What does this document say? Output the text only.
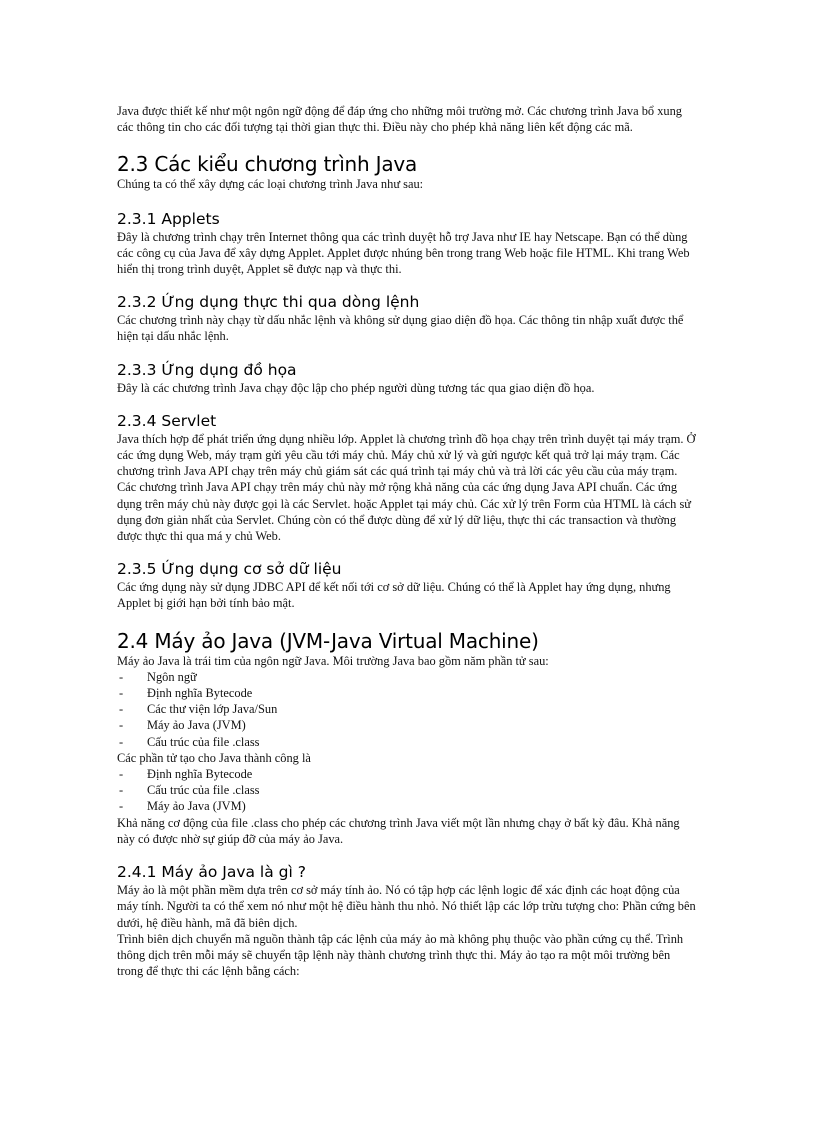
Java được thiết kế như một ngôn ngữ động để đáp ứng cho những môi trường mở. Các chương trình Java bổ xung các thông tin cho các đối tượng tại thời gian thực thi. Điều này cho phép khả năng liên kết động các mã.

2.3 Các kiểu chương trình Java

Chúng ta có thể xây dựng các loại chương trình Java như sau:

2.3.1 Applets

Đây là chương trình chạy trên Internet thông qua các trình duyệt hỗ trợ Java như IE hay Netscape. Bạn có thể dùng các công cụ của Java để xây dựng Applet. Applet được nhúng bên trong trang Web hoặc file HTML. Khi trang Web hiển thị trong trình duyệt, Applet sẽ được nạp và thực thi.

2.3.2 Ứng dụng thực thi qua dòng lệnh

Các chương trình này chạy từ dấu nhắc lệnh và không sử dụng giao diện đồ họa. Các thông tin nhập xuất được thể hiện tại dấu nhắc lệnh.

2.3.3 Ứng dụng đồ họa

Đây là các chương trình Java chạy độc lập cho phép người dùng tương tác qua giao diện đồ họa.

2.3.4 Servlet

Java thích hợp để phát triển ứng dụng nhiều lớp. Applet là chương trình đồ họa chạy trên trình duyệt tại máy trạm. Ở các ứng dụng Web, máy trạm gửi yêu cầu tới máy chủ. Máy chủ xử lý và gửi ngược kết quả trở lại máy trạm. Các chương trình Java API chạy trên máy chủ giám sát các quá trình tại máy chủ và trả lời các yêu cầu của máy trạm. Các chương trình Java API chạy trên máy chủ này mở rộng khả năng của các ứng dụng Java API chuẩn. Các ứng dụng trên máy chủ này được gọi là các Servlet. hoặc Applet tại máy chủ. Các xử lý trên Form của HTML là cách sử dụng đơn giản nhất của Servlet. Chúng còn có thể được dùng để xử lý dữ liệu, thực thi các transaction và thường được thực thi qua má y chủ Web.

2.3.5 Ứng dụng cơ sở dữ liệu

Các ứng dụng này sử dụng JDBC API để kết nối tới cơ sở dữ liệu. Chúng có thể là Applet hay ứng dụng, nhưng Applet bị giới hạn bởi tính bảo mật.

2.4 Máy ảo Java (JVM-Java Virtual Machine)

Máy ảo Java là trái tim của ngôn ngữ Java. Môi trường Java bao gồm năm phần tử sau:

- Ngôn ngữ
- Định nghĩa Bytecode
- Các thư viện lớp Java/Sun
- Máy ảo Java (JVM)
- Cấu trúc của file .class

Các phần tử tạo cho Java thành công là

- Định nghĩa Bytecode
- Cấu trúc của file .class
- Máy ảo Java (JVM)

Khả năng cơ động của file .class cho phép các chương trình Java viết một lần nhưng chạy ở bất kỳ đâu. Khả năng này có được nhờ sự giúp đỡ của máy ảo Java.

2.4.1 Máy ảo Java là gì ?

Máy ảo là một phần mềm dựa trên cơ sở máy tính ảo. Nó có tập hợp các lệnh logic để xác định các hoạt động của máy tính. Người ta có thể xem nó như một hệ điều hành thu nhỏ. Nó thiết lập các lớp trừu tượng cho: Phần cứng bên dưới, hệ điều hành, mã đã biên dịch.

Trình biên dịch chuyển mã nguồn thành tập các lệnh của máy ảo mà không phụ thuộc vào phần cứng cụ thể. Trình thông dịch trên mỗi máy sẽ chuyển tập lệnh này thành chương trình thực thi. Máy ảo tạo ra một môi trường bên trong để thực thi các lệnh bằng cách:
